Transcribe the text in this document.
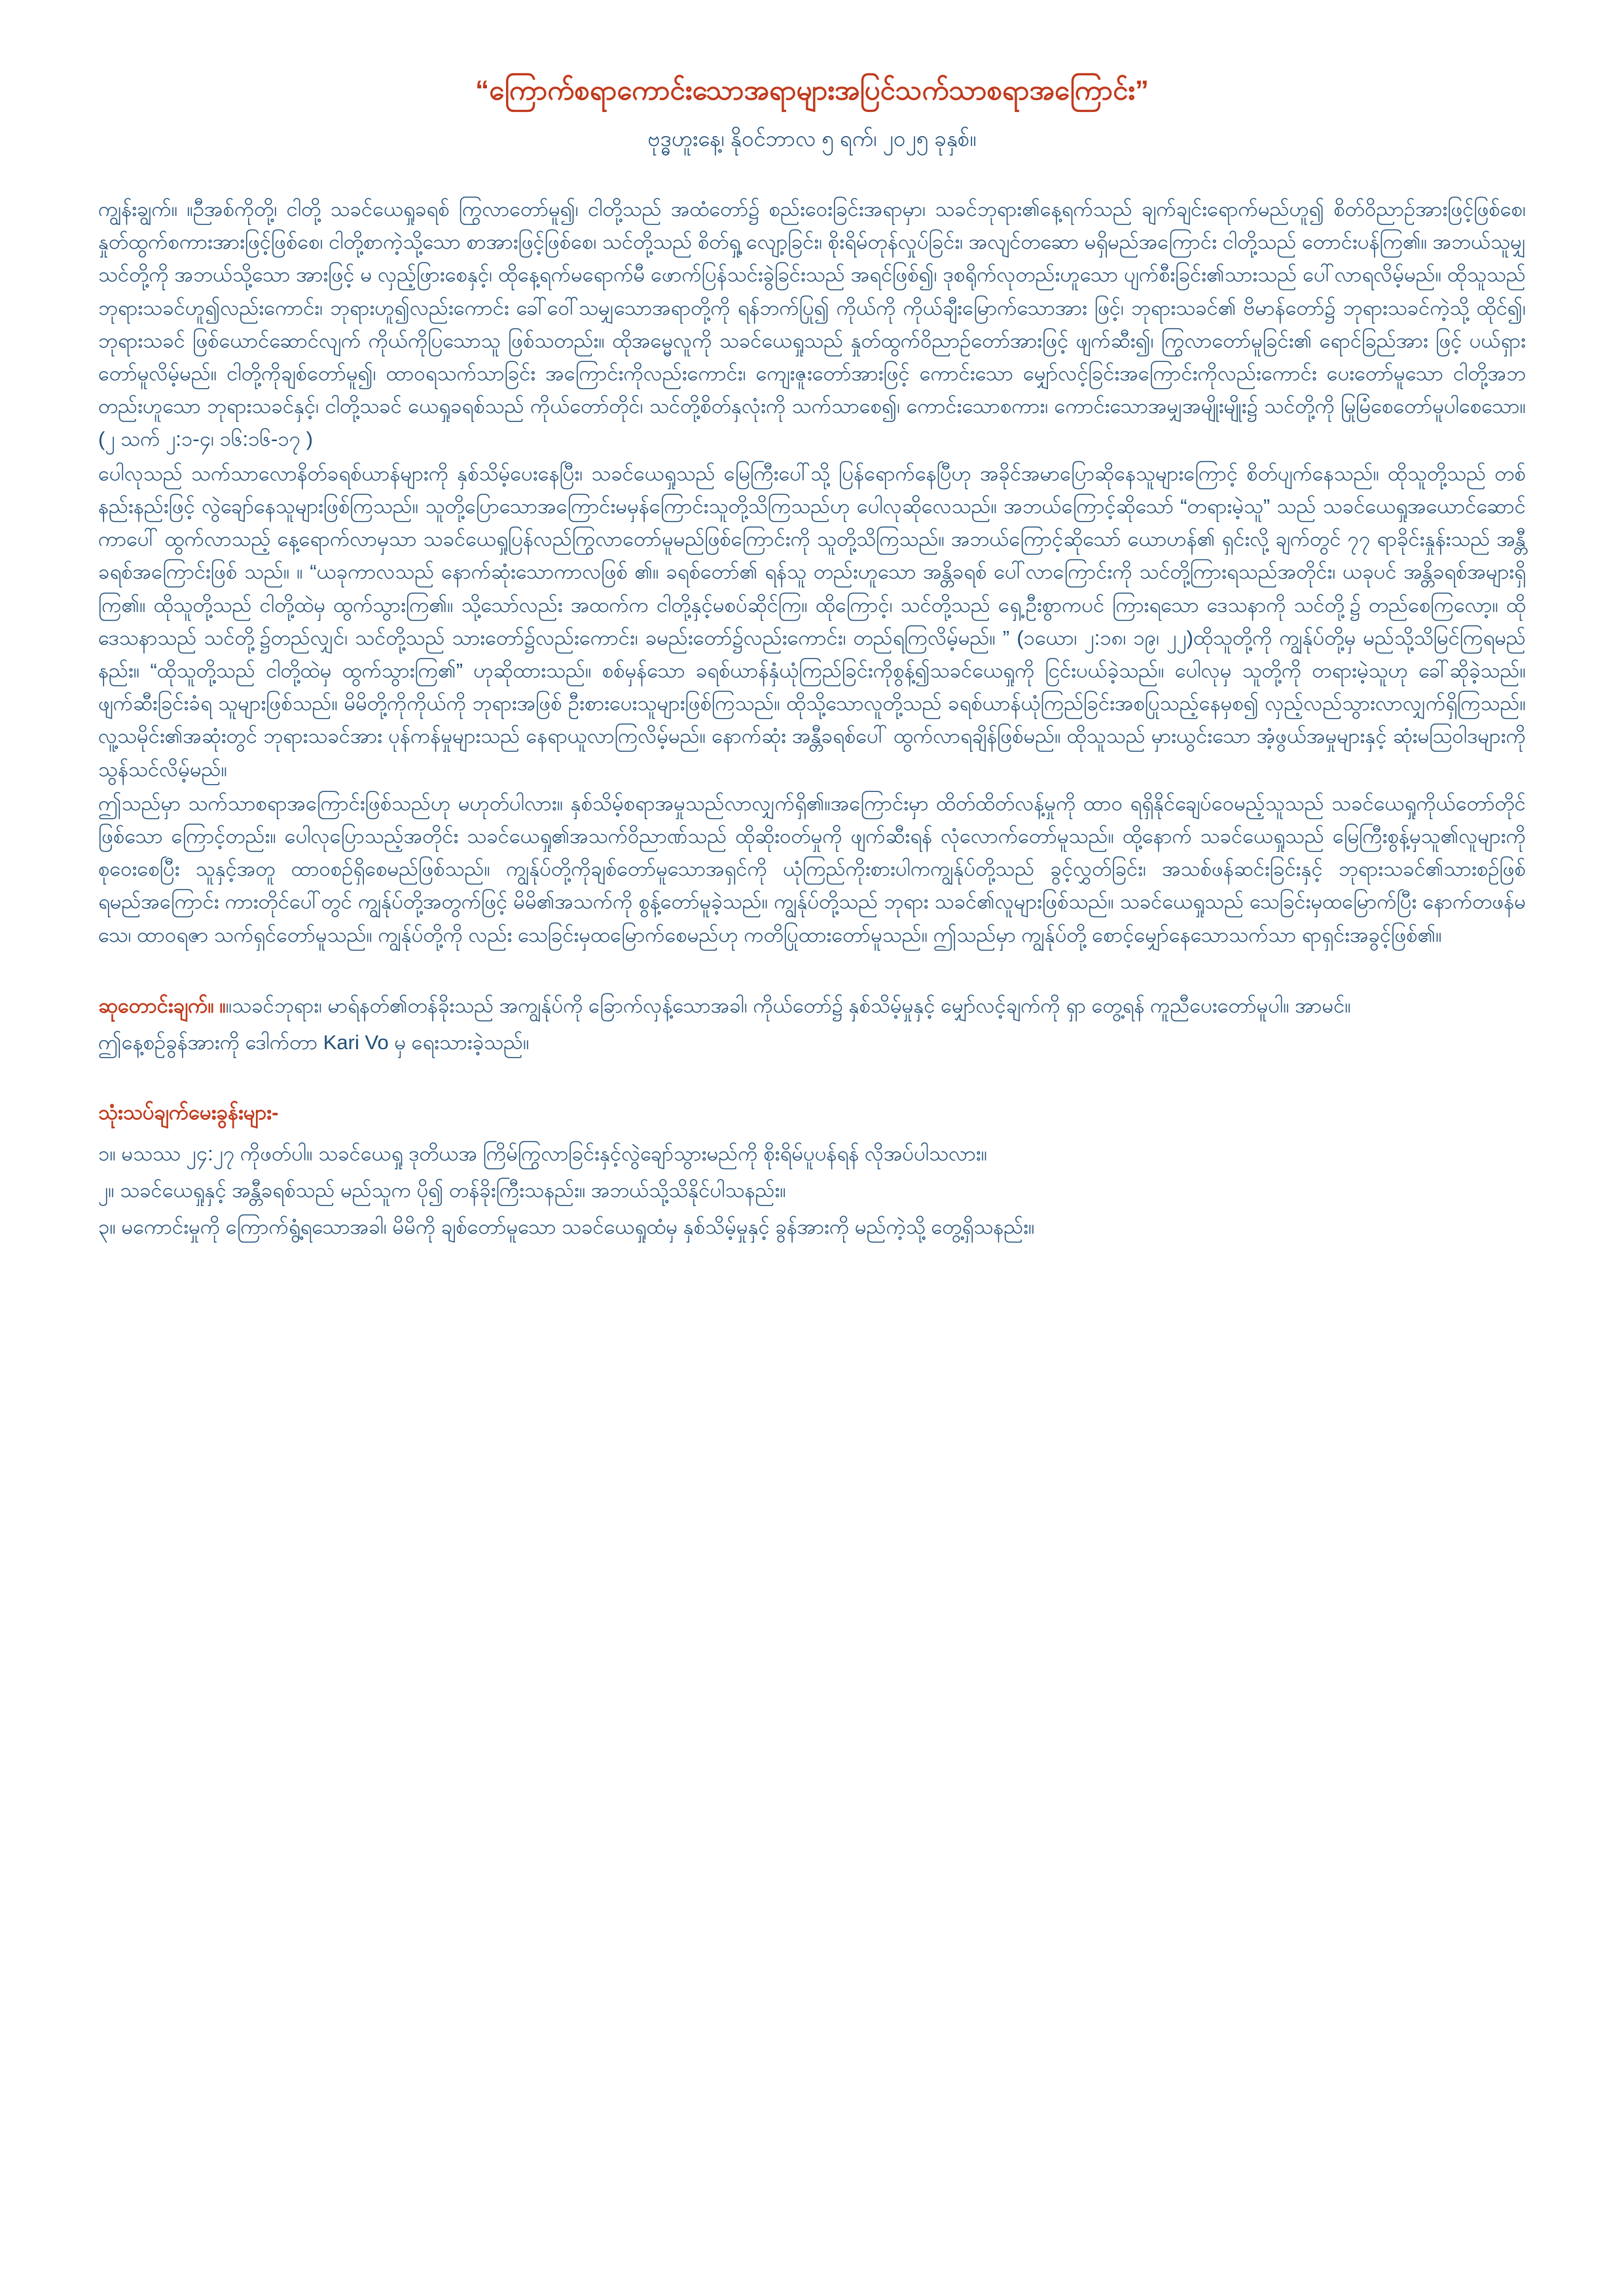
“ကြောက်စရာကောင်းသောအရာများအပြင်သက်သာစရာအကြောင်း”
ဗုဒ္ဓဟူးနေ့၊ နိုဝင်ဘာလ ၅ ရက်၊ ၂၀၂၅ ခုနှစ်။

ကျွန်းချွက်။ ။ဉီအစ်ကိုတို့၊ ငါတို့ သခင်ယေရှုခရစ် ကြွလာတော်မူ၍၊ ငါတို့သည် အထံတော်၌ စည်းဝေးခြင်းအရာမှာ၊ သခင်ဘုရား၏နေ့ရက်သည် ချက်ချင်းရောက်မည်ဟူ၍ စိတ်ဝိညာဉ်အားဖြင့်ဖြစ်စေ၊ နှုတ်ထွက်စကားအားဖြင့်ဖြစ်စေ၊ ငါတို့စာကဲ့သို့သော စာအားဖြင့်ဖြစ်စေ၊ သင်တို့သည် စိတ်ရှု့ လျော့ခြင်း၊ စိုးရိမ်တုန်လှုပ်ခြင်း၊ အလျင်တဆော မရှိမည်အကြောင်း ငါတို့သည် တောင်းပန်ကြ၏။ အဘယ်သူမျှ သင်တို့ကို အဘယ်သို့သော အားဖြင့် မ လှည့်ဖြားစေနှင့်၊ ထိုနေ့ရက်မရောက်မီ ဖောက်ပြန်သင်းခွဲခြင်းသည် အရင်ဖြစ်၍၊ ဒုစရိုက်လုတည်းဟူသော ပျက်စီးခြင်း၏သားသည် ပေါ်လာရလိမ့်မည်။ ထိုသူသည် ဘုရားသခင်ဟူ၍လည်းကောင်း၊ ဘုရားဟူ၍လည်းကောင်း ခေါ်ဝေါ်သမျှသောအရာတို့ကို ရန်ဘက်ပြု၍ ကိုယ်ကို ကိုယ်ချီးမြောက်သောအား ဖြင့်၊ ဘုရားသခင်၏ ဗိမာန်တော်၌ ဘုရားသခင်ကဲ့သို့ ထိုင်၍၊ ဘုရားသခင် ဖြစ်ယောင်ဆောင်လျက် ကိုယ်ကိုပြသောသူ ဖြစ်သတည်း။ ထိုအမ္မေလူကို သခင်ယေရှုသည် နှုတ်ထွက်ဝိညာဉ်တော်အားဖြင့် ဖျက်ဆီး၍၊ ကြွလာတော်မူခြင်း၏ ရောင်ခြည်အား ဖြင့် ပယ်ရှားတော်မူလိမ့်မည်။ ငါတို့ကိုချစ်တော်မူ၍၊ ထာဝရသက်သာခြင်း အကြောင်းကိုလည်းကောင်း၊ ကျေးဇူးတော်အားဖြင့် ကောင်းသော မျှော်လင့်ခြင်းအကြောင်းကိုလည်းကောင်း ပေးတော်မူသော ငါတို့အဘတည်းဟူသော ဘုရားသခင်နှင့်၊ ငါတို့သခင် ယေရှုခရစ်သည် ကိုယ်တော်တိုင်၊ သင်တို့စိတ်နှလုံးကို သက်သာစေ၍၊ ကောင်းသောစကား၊ ကောင်းသောအမျှအမျိုးမျိုး၌ သင်တို့ကို မြုမြံစေတော်မူပါစေသော။(၂ သက် ၂:၁-၄၊ ၁၆:၁၆-၁၇ )

ပေါလုသည် သက်သာလောနိတ်ခရစ်ယာန်များကို နှစ်သိမ့်ပေးနေပြီး၊ သခင်ယေရှုသည် မြေကြီးပေါ်သို့ ပြန်ရောက်နေပြီဟု အခိုင်အမာပြောဆိုနေသူများကြောင့် စိတ်ပျက်နေသည်။ ထိုသူတို့သည် တစ်နည်းနည်းဖြင့် လွဲချော်နေသူများဖြစ်ကြသည်။ သူတို့ပြောသောအကြောင်းမမှန်ကြောင်းသူတို့သိကြသည်ဟု ပေါလုဆိုလေသည်။ အဘယ်ကြောင့်ဆိုသော် “တရားမဲ့သူ” သည် သခင်ယေရှုအယောင်ဆောင်ကာပေါ် ထွက်လာသည့် နေ့ရောက်လာမှသာ သခင်ယေရှုပြန်လည်ကြွလာတော်မူမည်ဖြစ်ကြောင်းကို သူတို့သိကြသည်။ အဘယ်ကြောင့်ဆိုသော် ယောဟန်၏ ရှင်းလို့ ချက်တွင် ၇၇ ရာခိုင်းနှုန်းသည် အန္တီခရစ်အကြောင်းဖြစ် သည်။ ။ “ယခုကာလသည် နောက်ဆုံးသောကာလဖြစ် ၏။ ခရစ်တော်၏ ရန်သူ တည်းဟူသော အန္တိခရစ် ပေါ်လာကြောင်းကို သင်တို့ကြားရသည်အတိုင်း၊ ယခုပင် အန္တိခရစ်အများရှိကြ၏။ ထိုသူတို့သည် ငါတို့ထဲမှ ထွက်သွားကြ၏။ သို့သော်လည်း အထက်က ငါတို့နှင့်မစပ်ဆိုင်ကြ။ ထိုကြောင့်၊ သင်တို့သည် ရှေ့ဦးစွာကပင် ကြားရသော ဒေသနာကို သင်တို့၌ တည်စေကြလော့။ ထိုဒေသနာသည် သင်တို့၌တည်လျှင်၊ သင်တို့သည် သားတော်၌လည်းကောင်း၊ ခမည်းတော်၌လည်းကောင်း၊ တည်ရကြလိမ့်မည်။ ” (၁ယော၊ ၂:၁၈၊ ၁၉၊ ၂၂)ထိုသူတို့ကို ကျွန်ုပ်တို့မှ မည်သို့သိမြင်ကြရမည်နည်း။ “ထိုသူတို့သည် ငါတို့ထဲမှ ထွက်သွားကြ၏” ဟုဆိုထားသည်။ စစ်မှန်သော ခရစ်ယာန်နှံယုံကြည်ခြင်းကိုစွန့်၍သခင်ယေရှုကို ငြင်းပယ်ခဲ့သည်။ ပေါလုမှ သူတို့ကို တရားမဲ့သူဟု ခေါ်ဆိုခဲ့သည်။ ဖျက်ဆီးခြင်းခံရ သူများဖြစ်သည်။ မိမိတို့ကိုကိုယ်ကို ဘုရားအဖြစ် ဦးစားပေးသူများဖြစ်ကြသည်။ ထိုသို့သောလူတို့သည် ခရစ်ယာန်ယုံကြည်ခြင်းအစပြုသည့်နေမှစ၍ လှည့်လည်သွားလာလျှက်ရှိကြသည်။ လူ့သမိုင်း၏အဆုံးတွင် ဘုရားသခင်အား ပုန်ကန်မှုများသည် နေရာယူလာကြလိမ့်မည်။ နောက်ဆုံး အန္တီခရစ်ပေါ် ထွက်လာရချိန်ဖြစ်မည်။ ထိုသူသည် မှားယွင်းသော အံ့ဖွယ်အမှုများနှင့် ဆုံးမဩဝါဒများကို သွန်သင်လိမ့်မည်။

ဤသည်မှာ သက်သာစရာအကြောင်းဖြစ်သည်ဟု မဟုတ်ပါလား။ နှစ်သိမ့်စရာအမှုသည်လာလျှက်ရှိ၏။အကြောင်းမှာ ထိတ်ထိတ်လန့်မှုကို ထာဝ ရရှိနိုင်ချေပ်ဝေမည့်သူသည် သခင်ယေရှုကိုယ်တော်တိုင်ဖြစ်သော ကြောင့်တည်း။ ပေါလုပြောသည့်အတိုင်း သခင်ယေရှု၏အသက်ဝိညာဏ်သည် ထိုဆိုးဝတ်မှုကို ဖျက်ဆီးရန် လုံလောက်တော်မူသည်။ ထို့နောက် သခင်ယေရှုသည် မြေကြီးစွန့်မှသူ၏လူများကို စုဝေးစေပြီး သူနှင့်အတူ ထာဝစဉ်ရှိစေမည်ဖြစ်သည်။ ကျွန်ုပ်တို့ကိုချစ်တော်မူသောအရှင်ကို ယုံကြည်ကိုးစားပါကကျွန်ုပ်တို့သည် ခွင့်လွှတ်ခြင်း၊ အသစ်ဖန်ဆင်းခြင်းနှင့် ဘုရားသခင်၏သားစဉ်ဖြစ်ရမည်အကြောင်း ကားတိုင်ပေါ်တွင် ကျွန်ုပ်တို့အတွက်ဖြင့် မိမိ၏အသက်ကို စွန့်တော်မူခဲ့သည်။ ကျွန်ုပ်တို့သည် ဘုရား သခင်၏လူများဖြစ်သည်။ သခင်ယေရှုသည် သေခြင်းမှထမြောက်ပြီး နောက်တဖန်မသေ၊ ထာဝရဇာ သက်ရှင်တော်မူသည်။ ကျွန်ုပ်တို့ကို လည်း သေခြင်းမှထမြောက်စေမည်ဟု ကတိပြုထားတော်မူသည်။ ဤသည်မှာ ကျွန်ုပ်တို့ စောင့်မျှော်နေသောသက်သာ ရာရှင်းအခွင့်ဖြစ်၏။

ဆုတောင်းချက်။ ။။သခင်ဘုရား၊ မာရ်နတ်၏တန်ခိုးသည် အကျွန်ုပ်ကို ခြောက်လှန့်သောအခါ၊ ကိုယ်တော်၌ နှစ်သိမ့်မှုနှင့် မျှော်လင့်ချက်ကို ရှာ တွေ့ရန် ကူညီပေးတော်မူပါ။ အာမင်။

ဤနေ့စဉ်ခွန်အားကို ဒေါက်တာ Kari Vo မှ ရေးသားခဲ့သည်။

သုံးသပ်ချက်မေးခွန်းများ-

၁။ မသဿ ၂၄:၂၇ ကိုဖတ်ပါ။ သခင်ယေရှု ဒုတိယအ ကြိမ်ကြွလာခြင်းနှင့်လွဲချော်သွားမည်ကို စိုးရိမ်ပူပန်ရန် လိုအပ်ပါသလား။

၂။ သခင်ယေရှုနှင့် အန္တီခရစ်သည် မည်သူက ပို၍ တန်ခိုးကြီးသနည်း။ အဘယ်သို့သိနိုင်ပါသနည်း။

၃။ မကောင်းမှုကို ကြောက်ရွံ့ရသောအခါ၊ မိမိကို ချစ်တော်မူသော သခင်ယေရှုထံမှ နှစ်သိမ့်မှုနှင့် ခွန်အားကို မည်ကဲ့သို့ တွေ့ရှိသနည်း။
